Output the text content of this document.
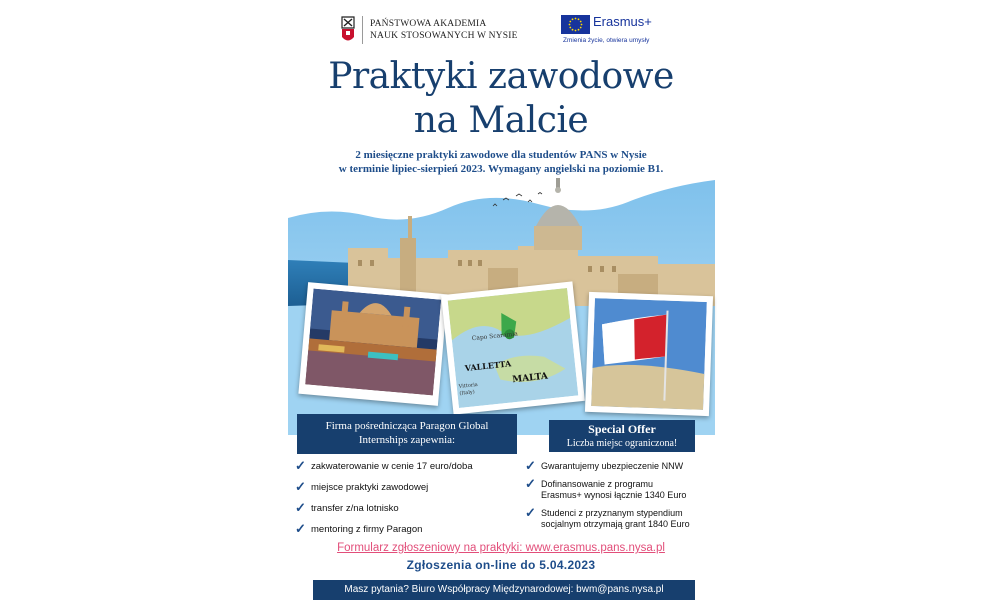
PAŃSTWOWA AKADEMIA
NAUK STOSOWANYCH W NYSIE
Erasmus+
Zmienia życie, otwiera umysły
Praktyki zawodowe
na Malcie
2 miesięczne praktyki zawodowe dla studentów PANS w Nysie
w terminie lipiec-sierpień 2023. Wymagany angielski na poziomie B1.
Capo Scaramia
VALLETTA
MALTA
Vittoria
(Italy)
Firma pośrednicząca Paragon Global
Internships zapewnia:
Special Offer
Liczba miejsc ograniczona!
✓ zakwaterowanie w cenie 17 euro/doba
✓ miejsce praktyki zawodowej
✓ transfer z/na lotnisko
✓ mentoring z firmy Paragon
✓ Gwarantujemy ubezpieczenie NNW
✓ Dofinansowanie z programu
Erasmus+ wynosi łącznie 1340 Euro
✓ Studenci z przyznanym stypendium
socjalnym otrzymają grant 1840 Euro
Formularz zgłoszeniowy na praktyki: www.erasmus.pans.nysa.pl
Zgłoszenia on-line do 5.04.2023
Masz pytania? Biuro Współpracy Międzynarodowej: bwm@pans.nysa.pl
